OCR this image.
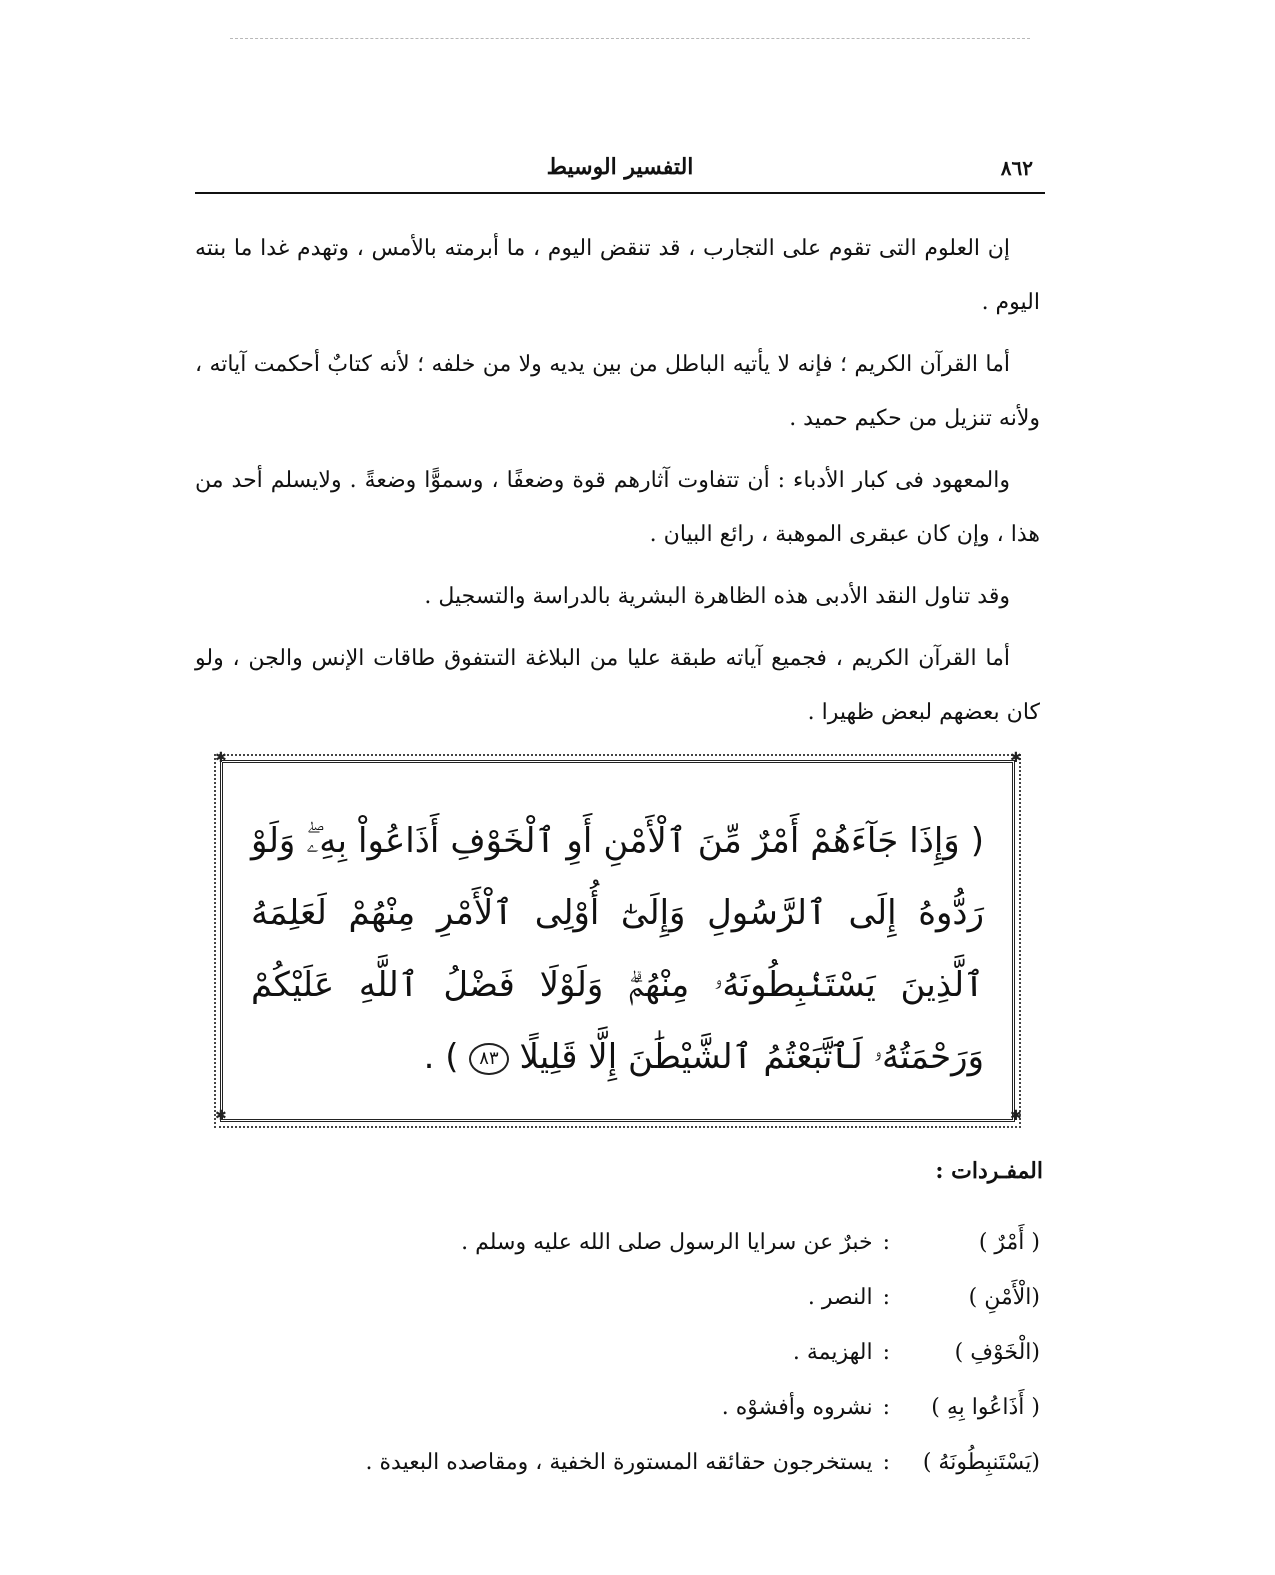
٨٦٢
التفسير الوسيط

إن العلوم التى تقوم على التجارب ، قد تنقض اليوم ، ما أبرمته بالأمس ، وتهدم غدا ما بنته اليوم .

أما القرآن الكريم ؛ فإنه لا يأتيه الباطل من بين يديه ولا من خلفه ؛ لأنه كتابٌ أحكمت آياته ، ولأنه تنزيل من حكيم حميد .

والمعهود فى كبار الأدباء : أن تتفاوت آثارهم قوة وضعفًا ، وسموًّا وضعةً . ولايسلم أحد من هذا ، وإن كان عبقرى الموهبة ، رائع البيان .

وقد تناول النقد الأدبى هذه الظاهرة البشرية بالدراسة والتسجيل .

أما القرآن الكريم ، فجميع آياته طبقة عليا من البلاغة التىتفوق طاقات الإنس والجن ، ولو كان بعضهم لبعض ظهيرا .

✱	✱
✱	✱
( وَإِذَا جَآءَهُمْ أَمْرٌ مِّنَ ٱلْأَمْنِ أَوِ ٱلْخَوْفِ أَذَاعُواْ بِهِۦۖ وَلَوْ رَدُّوهُ إِلَى ٱلرَّسُولِ وَإِلَىٰٓ أُوْلِى ٱلْأَمْرِ مِنْهُمْ لَعَلِمَهُ ٱلَّذِينَ يَسْتَنۢبِطُونَهُۥ مِنْهُمْۗ وَلَوْلَا فَضْلُ ٱللَّهِ عَلَيْكُمْ وَرَحْمَتُهُۥ لَٱتَّبَعْتُمُ ٱلشَّيْطَٰنَ إِلَّا قَلِيلًا ٨٣ ) .
المفـردات :
( أَمْرٌ )
:
خبرٌ عن سرايا الرسول صلى الله عليه وسلم .
(الْأَمْنِ )
:
النصر .
(الْخَوْفِ )
:
الهزيمة .
( أَذَاعُوا بِهِ )
:
نشروه وأفشوْه .
(يَسْتَنبِطُونَهُ )
:
يستخرجون حقائقه المستورة الخفية ، ومقاصده البعيدة .
